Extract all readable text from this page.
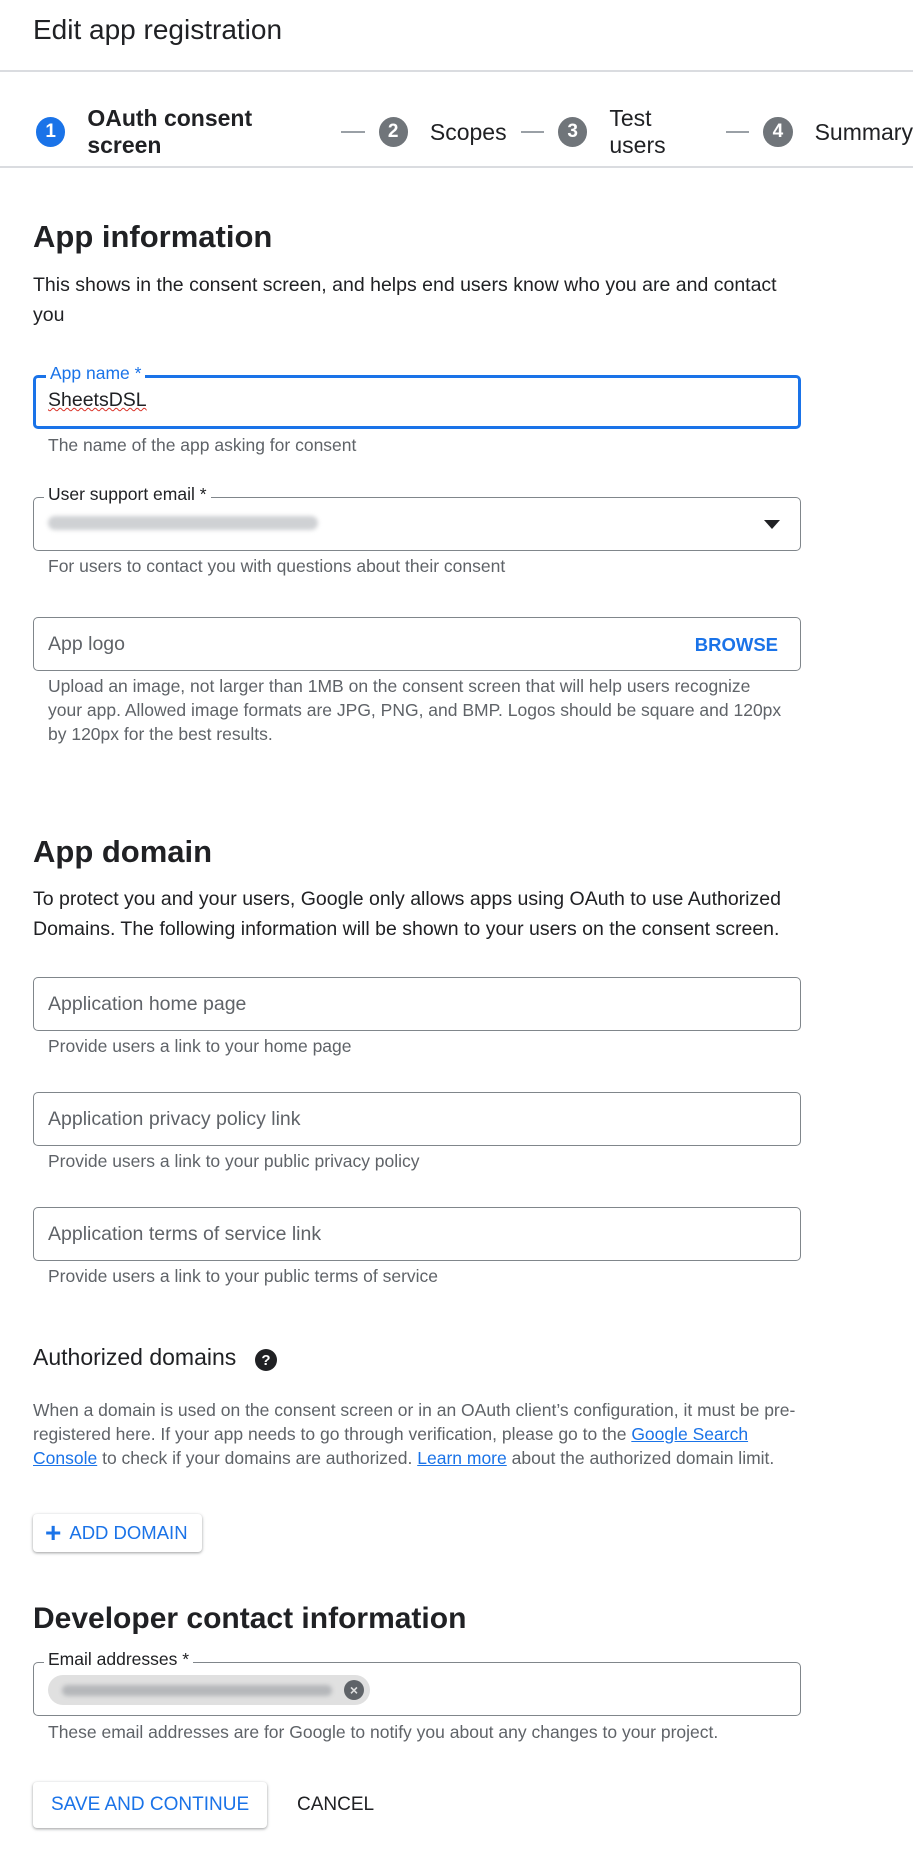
Edit app registration
1
OAuth consent screen
2	Scopes	3
Test users
4	Summary
App information
This shows in the consent screen, and helps end users know who you are and contact you
App name *
SheetsDSL
The name of the app asking for consent
User support email *
For users to contact you with questions about their consent
App logo	BROWSE
Upload an image, not larger than 1MB on the consent screen that will help users recognize your app. Allowed image formats are JPG, PNG, and BMP. Logos should be square and 120px by 120px for the best results.
App domain
To protect you and your users, Google only allows apps using OAuth to use Authorized Domains. The following information will be shown to your users on the consent screen.
Application home page
Provide users a link to your home page
Application privacy policy link
Provide users a link to your public privacy policy
Application terms of service link
Provide users a link to your public terms of service
Authorized domains	?
When a domain is used on the consent screen or in an OAuth client’s configuration, it must be pre-registered here. If your app needs to go through verification, please go to the Google Search Console to check if your domains are authorized. Learn more about the authorized domain limit.
+ ADD DOMAIN
Developer contact information
Email addresses *
×
These email addresses are for Google to notify you about any changes to your project.
SAVE AND CONTINUE	CANCEL
